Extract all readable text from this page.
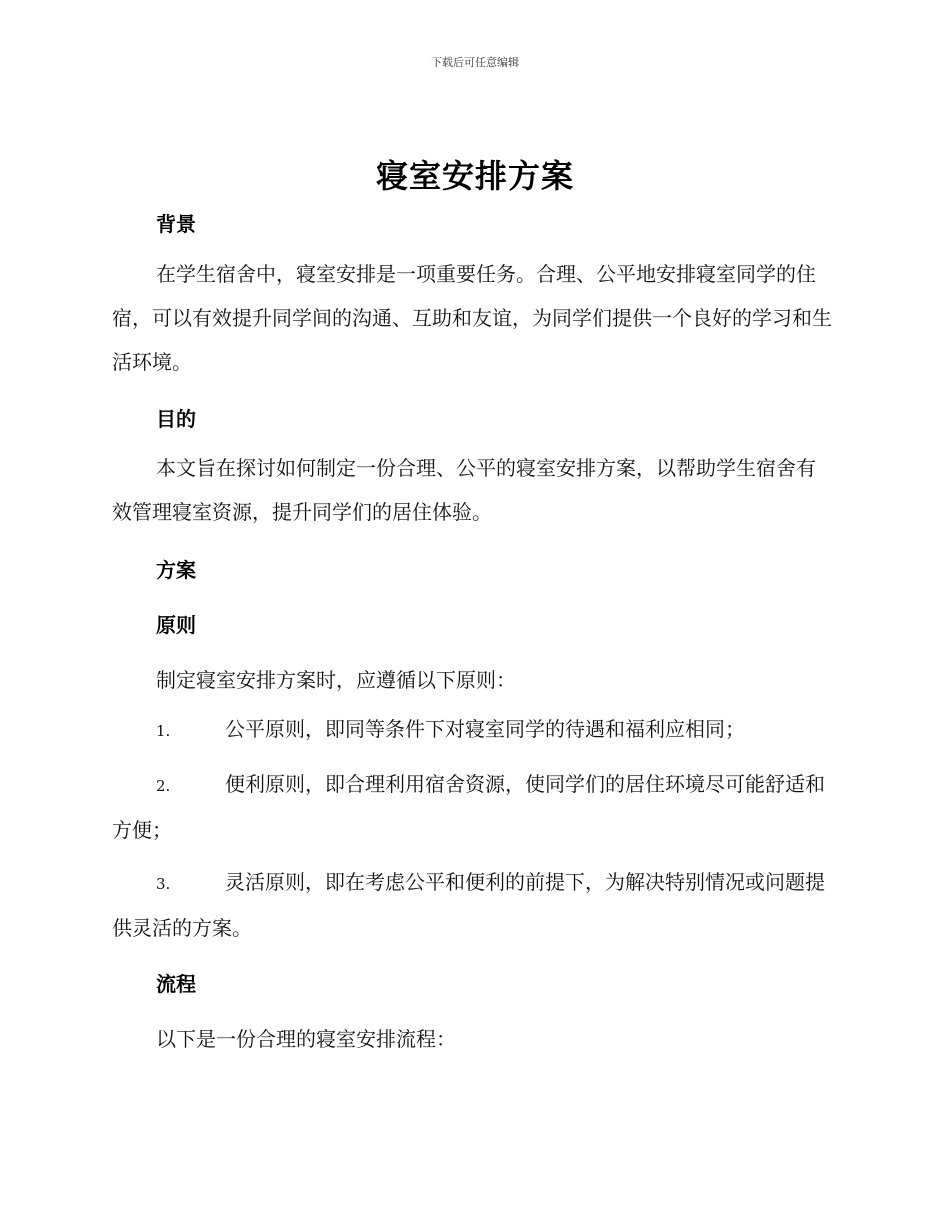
下载后可任意编辑
寝室安排方案
背景

在学生宿舍中，寝室安排是一项重要任务。合理、公平地安排寝室同学的住宿，可以有效提升同学间的沟通、互助和友谊，为同学们提供一个良好的学习和生活环境。

目的

本文旨在探讨如何制定一份合理、公平的寝室安排方案，以帮助学生宿舍有效管理寝室资源，提升同学们的居住体验。

方案
原则
制定寝室安排方案时，应遵循以下原则：

1.	公平原则，即同等条件下对寝室同学的待遇和福利应相同；

2.	便利原则，即合理利用宿舍资源，使同学们的居住环境尽可能舒适和方便；

3.	灵活原则，即在考虑公平和便利的前提下，为解决特别情况或问题提供灵活的方案。

流程
以下是一份合理的寝室安排流程：
